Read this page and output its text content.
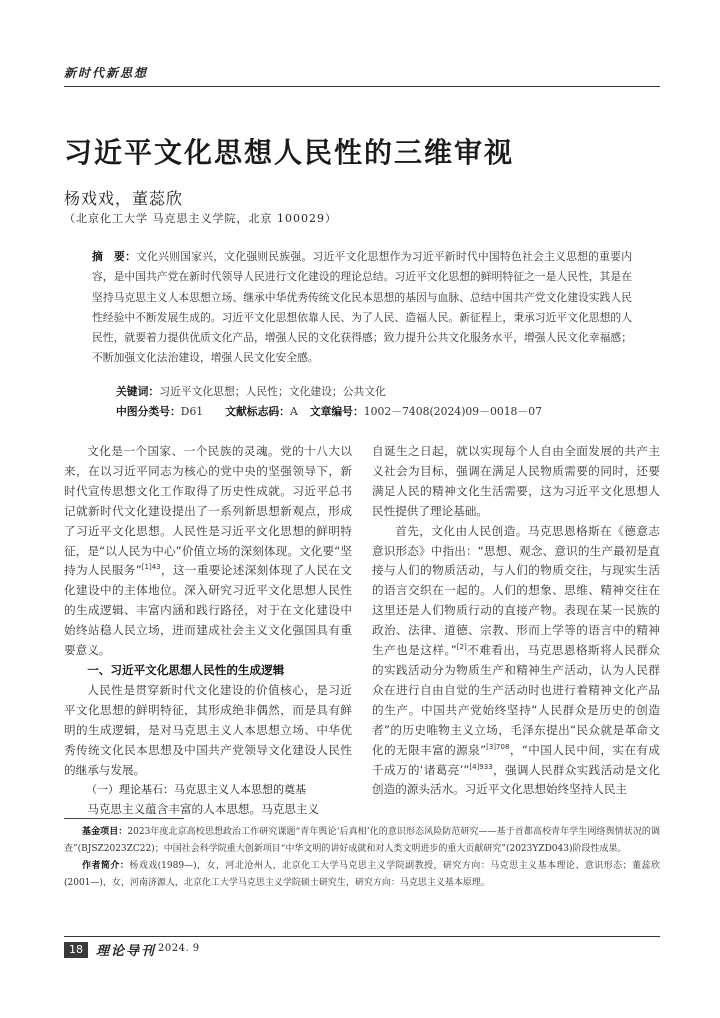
新时代新思想
习近平文化思想人民性的三维审视
杨戏戏，董蕊欣
（北京化工大学 马克思主义学院，北京 100029）
摘　要：文化兴则国家兴，文化强则民族强。习近平文化思想作为习近平新时代中国特色社会主义思想的重要内容，是中国共产党在新时代领导人民进行文化建设的理论总结。习近平文化思想的鲜明特征之一是人民性，其是在坚持马克思主义人本思想立场、继承中华优秀传统文化民本思想的基因与血脉、总结中国共产党文化建设实践人民性经验中不断发展生成的。习近平文化思想依靠人民、为了人民、造福人民。新征程上，秉承习近平文化思想的人民性，就要着力提供优质文化产品，增强人民的文化获得感；致力提升公共文化服务水平，增强人民文化幸福感；不断加强文化法治建设，增强人民文化安全感。
关键词：习近平文化思想；人民性；文化建设；公共文化
中图分类号：D61 文献标志码：A 文章编号：1002－7408(2024)09－0018－07

文化是一个国家、一个民族的灵魂。党的十八大以来，在以习近平同志为核心的党中央的坚强领导下，新时代宣传思想文化工作取得了历史性成就。习近平总书记就新时代文化建设提出了一系列新思想新观点，形成了习近平文化思想。人民性是习近平文化思想的鲜明特征，是“以人民为中心”价值立场的深刻体现。文化要“坚持为人民服务”$^{[1]43}$，这一重要论述深刻体现了人民在文化建设中的主体地位。深入研究习近平文化思想人民性的生成逻辑、丰富内涵和践行路径，对于在文化建设中始终站稳人民立场，进而建成社会主义文化强国具有重要意义。

一、习近平文化思想人民性的生成逻辑

人民性是贯穿新时代文化建设的价值核心，是习近平文化思想的鲜明特征，其形成绝非偶然，而是具有鲜明的生成逻辑，是对马克思主义人本思想立场、中华优秀传统文化民本思想及中国共产党领导文化建设人民性的继承与发展。

（一）理论基石：马克思主义人本思想的奠基

马克思主义蕴含丰富的人本思想。马克思主义

自诞生之日起，就以实现每个人自由全面发展的共产主义社会为目标，强调在满足人民物质需要的同时，还要满足人民的精神文化生活需要，这为习近平文化思想人民性提供了理论基础。

首先，文化由人民创造。马克思恩格斯在《德意志意识形态》中指出：“思想、观念、意识的生产最初是直接与人们的物质活动，与人们的物质交往，与现实生活的语言交织在一起的。人们的想象、思维、精神交往在这里还是人们物质行动的直接产物。表现在某一民族的政治、法律、道德、宗教、形而上学等的语言中的精神生产也是这样。”[2]不难看出，马克思恩格斯将人民群众的实践活动分为物质生产和精神生产活动，认为人民群众在进行自由自觉的生产活动时也进行着精神文化产品的生产。中国共产党始终坚持“人民群众是历史的创造者”的历史唯物主义立场，毛泽东提出“民众就是革命文化的无限丰富的源泉”$^{[3]708}$，“中国人民中间，实在有成千成万的‘诸葛亮’”$^{[4]933}$，强调人民群众实践活动是文化创造的源头活水。习近平文化思想始终坚持人民主

基金项目：2023年度北京高校思想政治工作研究课题“青年舆论‘后真相’化的意识形态风险防范研究——基于首都高校青年学生网络舆情状况的调查”(BJSZ2023ZC22)；中国社会科学院重大创新项目“中华文明的讲好成就和对人类文明进步的重大贡献研究”(2023YZD043)阶段性成果。

作者简介：杨戏戏(1989—)，女，河北沧州人，北京化工大学马克思主义学院副教授，研究方向：马克思主义基本理论、意识形态；董蕊欣(2001—)，女，河南济源人，北京化工大学马克思主义学院硕士研究生，研究方向：马克思主义基本原理。

18	理论导刊 2024. 9
